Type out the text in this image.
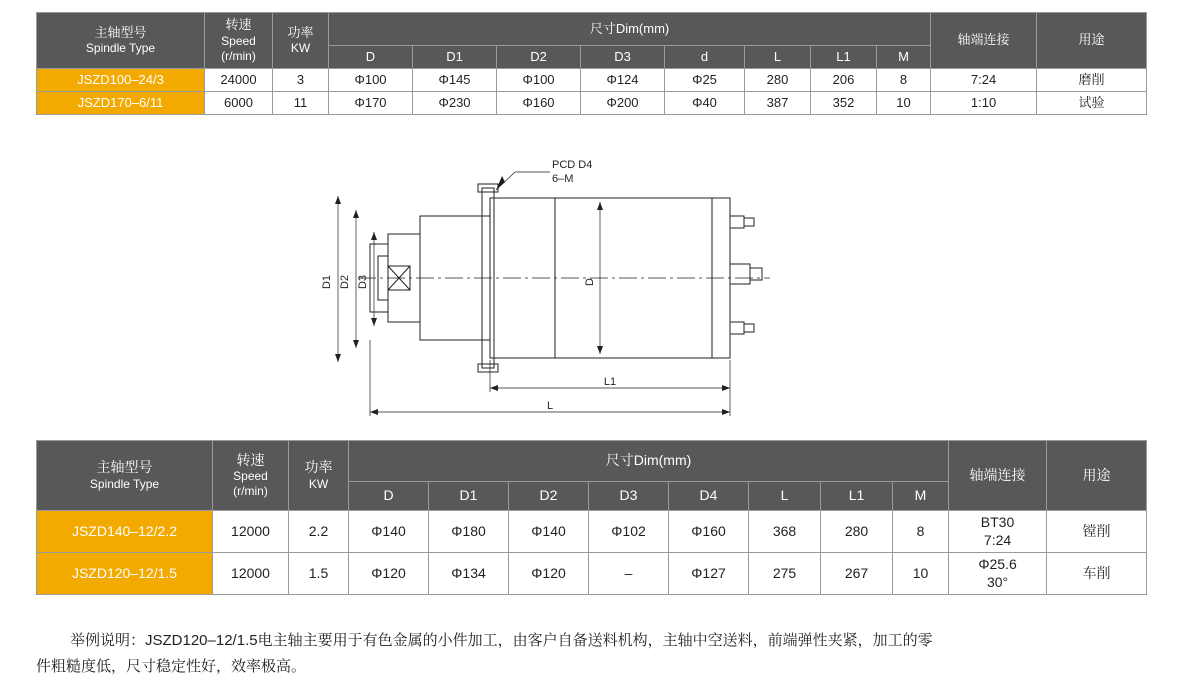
主轴型号
Spindle Type	转速
Speed
(r/min)	功率
KW	尺寸Dim(mm)								轴端连接	用途
			D	D1	D2	D3	d	L	L1	M		
JSZD100–24/3	24000	3	Φ100	Φ145	Φ100	Φ124	Φ25	280	206	8	7:24	磨削
JSZD170–6/11	6000	11	Φ170	Φ230	Φ160	Φ200	Φ40	387	352	10	1:10	试验
D1 D2 D3	D
L1
L
PCD D4
6–M
主轴型号
Spindle Type	转速
Speed
(r/min)	功率
KW	尺寸Dim(mm)								轴端连接	用途
			D	D1	D2	D3	D4	L	L1	M		
JSZD140–12/2.2	12000	2.2	Φ140	Φ180	Φ140	Φ102	Φ160	368	280	8	BT30
7:24	镗削
JSZD120–12/1.5	12000	1.5	Φ120	Φ134	Φ120	–	Φ127	275	267	10	Φ25.6
30°	车削
举例说明：JSZD120–12/1.5电主轴主要用于有色金属的小件加工，由客户自备送料机构，主轴中空送料，前端弹性夹紧，加工的零
件粗糙度低，尺寸稳定性好，效率极高。
